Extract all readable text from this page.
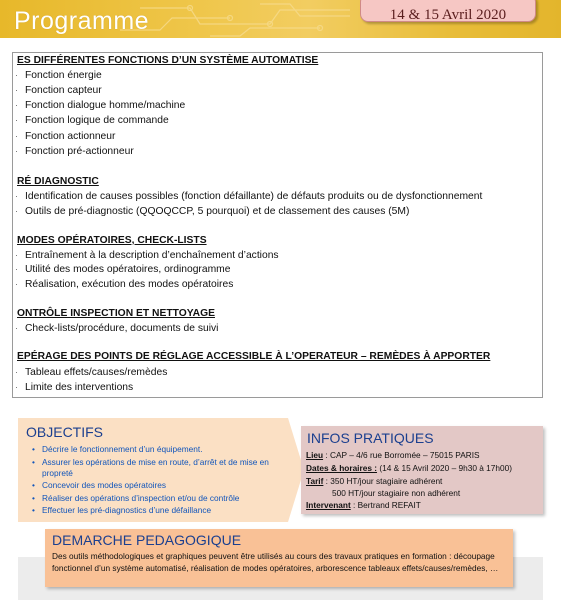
Programme	14 & 15 Avril 2020
ES DIFFÉRENTES FONCTIONS D’UN SYSTÈME AUTOMATISE
· Fonction énergie
· Fonction capteur
· Fonction dialogue homme/machine
· Fonction logique de commande
· Fonction actionneur
· Fonction pré-actionneur
RÉ DIAGNOSTIC
· Identification de causes possibles (fonction défaillante) de défauts produits ou de dysfonctionnement
· Outils de pré-diagnostic (QQOQCCP, 5 pourquoi) et de classement des causes (5M)
MODES OPÉRATOIRES, CHECK-LISTS
· Entraînement à la description d’enchaînement d’actions
· Utilité des modes opératoires, ordinogramme
· Réalisation, exécution des modes opératoires
ONTRÔLE INSPECTION ET NETTOYAGE
· Check-lists/procédure, documents de suivi
EPÉRAGE DES POINTS DE RÉGLAGE ACCESSIBLE À L’OPERATEUR – REMÈDES À APPORTER
· Tableau effets/causes/remèdes
· Limite des interventions
OBJECTIFS
• Décrire le fonctionnement d’un équipement.
• Assurer les opérations de mise en route, d’arrêt et de mise en propreté
• Concevoir des modes opératoires
• Réaliser des opérations d’inspection et/ou de contrôle
• Effectuer les pré-diagnostics d’une défaillance
INFOS PRATIQUES
Lieu : CAP – 4/6 rue Borromée – 75015 PARIS
Dates & horaires : (14 & 15 Avril 2020 – 9h30 à 17h00)
Tarif : 350 HT/jour stagiaire adhérent
500 HT/jour stagiaire non adhérent
Intervenant : Bertrand REFAIT
DEMARCHE PEDAGOGIQUE
Des outils méthodologiques et graphiques peuvent être utilisés au cours des travaux pratiques en formation : découpage fonctionnel d’un système automatisé, réalisation de modes opératoires, arborescence tableaux effets/causes/remèdes, …
